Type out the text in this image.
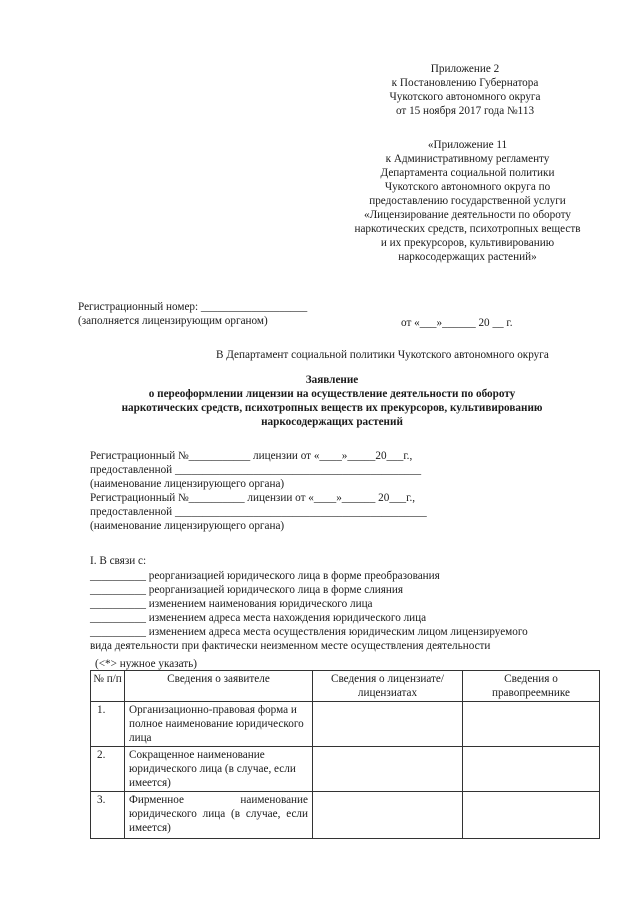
Приложение 2
к Постановлению Губернатора
Чукотского автономного округа
от 15 ноября 2017 года №113
«Приложение 11
к Административному регламенту
Департамента социальной политики
Чукотского автономного округа по
предоставлению государственной услуги
«Лицензирование деятельности по обороту
наркотических средств, психотропных веществ
и их прекурсоров, культивированию
наркосодержащих растений»
Регистрационный номер: ___________________
(заполняется лицензирующим органом)	от «___»______ 20 __ г.
В Департамент социальной политики Чукотского автономного округа
Заявление
о переоформлении лицензии на осуществление деятельности по обороту
наркотических средств, психотропных веществ их прекурсоров, культивированию
наркосодержащих растений
Регистрационный №___________ лицензии от «____»_____20___г.,
предоставленной ____________________________________________
(наименование лицензирующего органа)
Регистрационный №__________ лицензии от «____»______ 20___г.,
предоставленной _____________________________________________
(наименование лицензирующего органа)
I. В связи с:
__________ реорганизацией юридического лица в форме преобразования
__________ реорганизацией юридического лица в форме слияния
__________ изменением наименования юридического лица
__________ изменением адреса места нахождения юридического лица
__________ изменением адреса места осуществления юридическим лицом лицензируемого
вида деятельности при фактически неизменном месте осуществления деятельности
(<*> нужное указать)
№ п/п	Сведения о заявителе	Сведения о лицензиате/лицензиатах	Сведения о правопреемнике
1.	Организационно-правовая форма и полное наименование юридического лица		
2.	Сокращенное наименование юридического лица (в случае, если имеется)		
3.	Фирменное наименование юридического лица (в случае, если имеется)		
